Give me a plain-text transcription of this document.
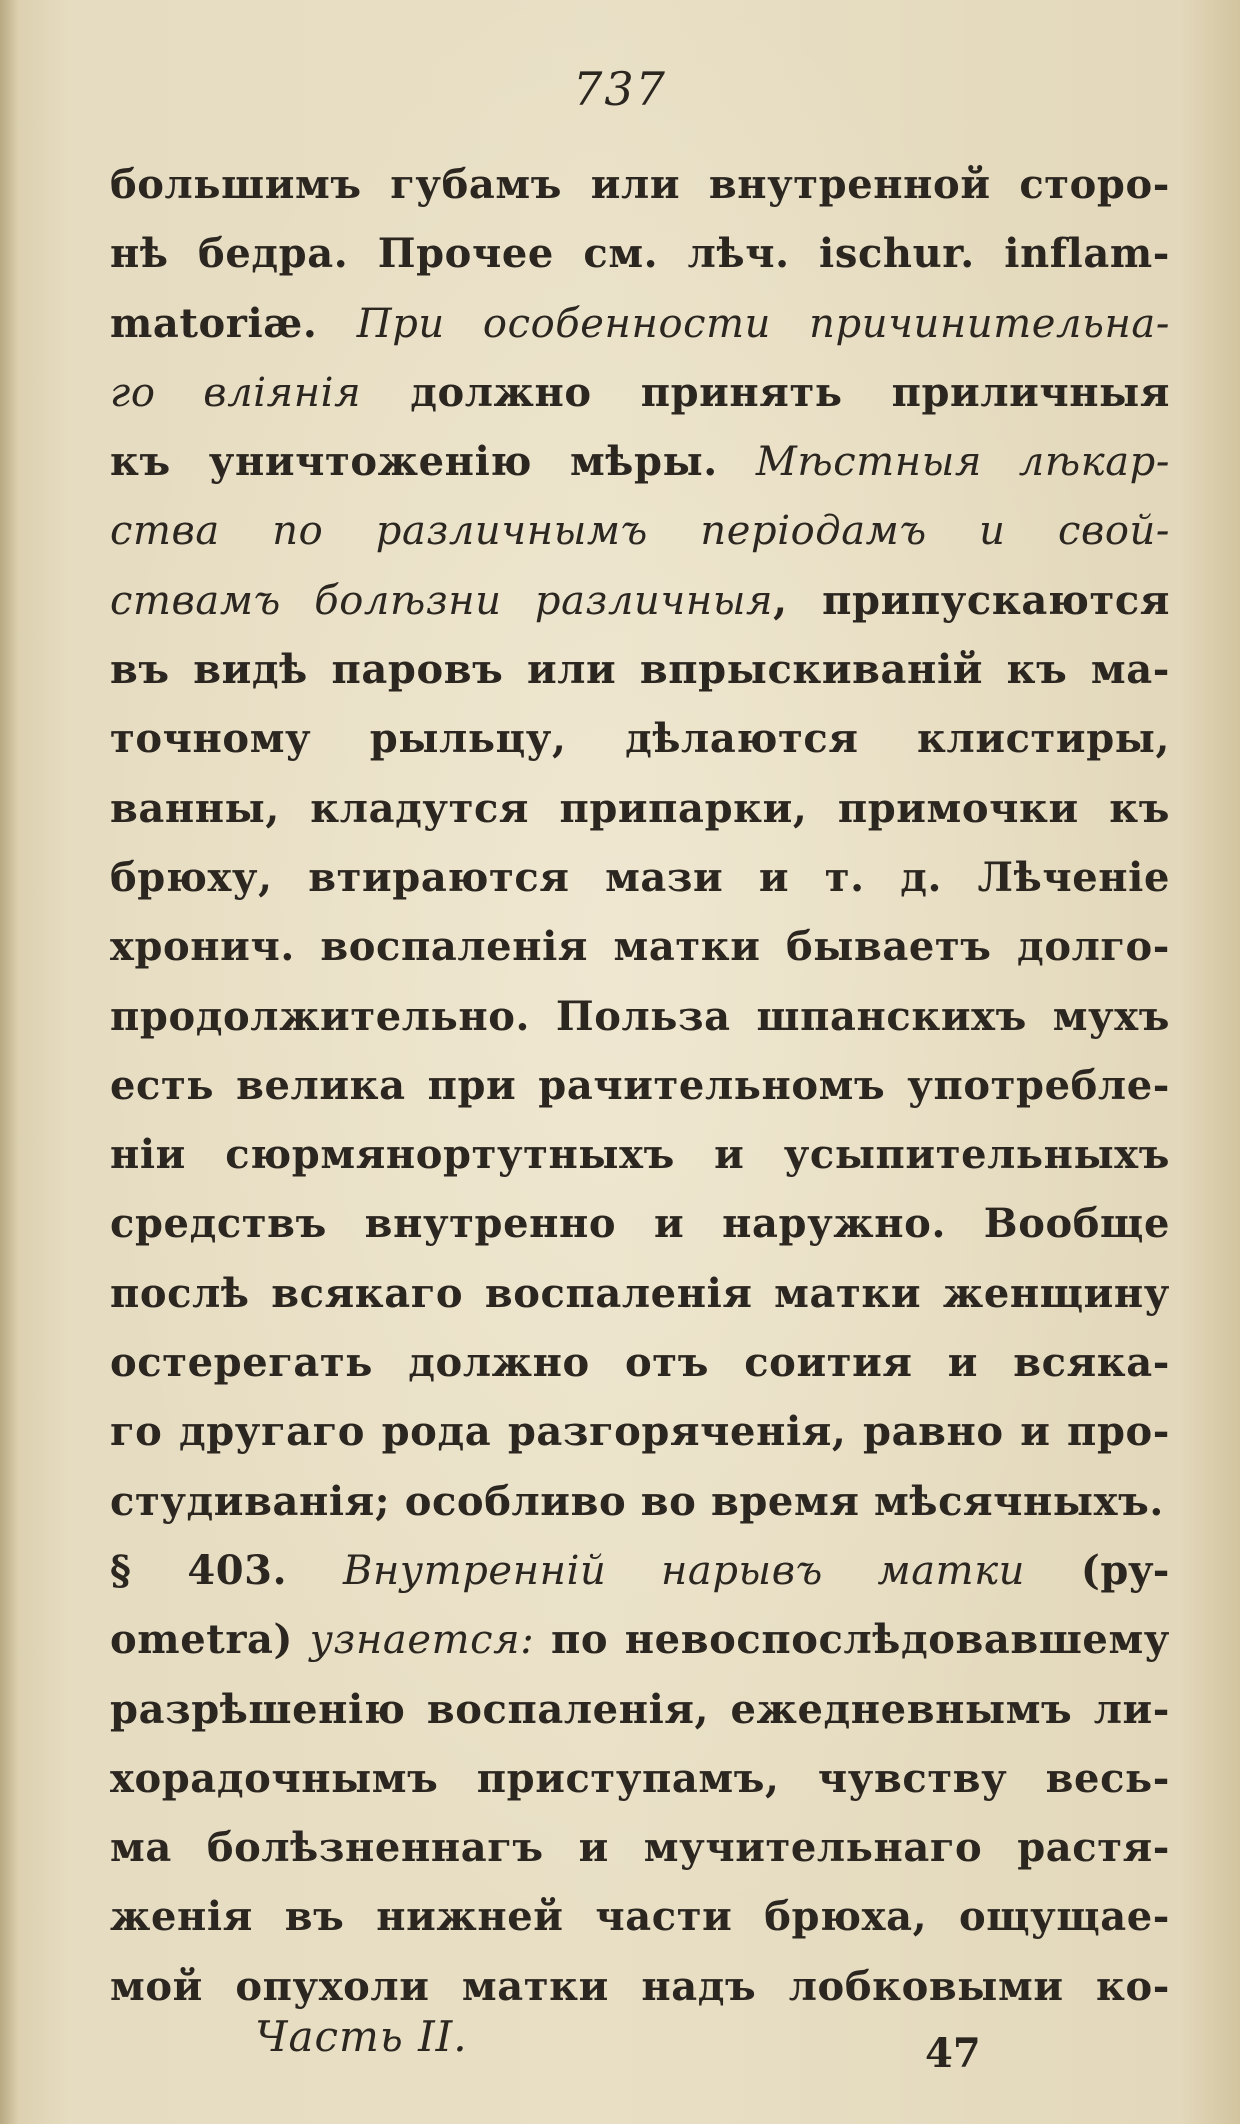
737
большимъ губамъ или внутренной сторо-
нѣ бедра. Прочее см. лѣч. ischur. inflam-
matoriæ. При особенности причинительна-
го вліянія должно принять приличныя
къ уничтоженію мѣры. Мѣстныя лѣкар-
ства по различнымъ періодамъ и свой-
ствамъ болѣзни различныя, припускаются
въ видѣ паровъ или впрыскиваній къ ма-
точному рыльцу, дѣлаются клистиры,
ванны, кладутся припарки, примочки къ
брюху, втираются мази и т. д. Лѣченіе
хронич. воспаленія матки бываетъ долго-
продолжительно. Польза шпанскихъ мухъ
есть велика при рачительномъ употребле-
ніи сюрмянортутныхъ и усыпительныхъ
средствъ внутренно и наружно. Вообще
послѣ всякаго воспаленія матки женщину
остерегать должно отъ соития и всяка-
го другаго рода разгоряченія, равно и про-
студиванія; особливо во время мѣсячныхъ.
§ 403. Внутренній нарывъ матки (py-
ometra) узнается: по невоспослѣдовавшему
разрѣшенію воспаленія, ежедневнымъ ли-
хорадочнымъ приступамъ, чувству весь-
ма болѣзненнагъ и мучительнаго растя-
женія въ нижней части брюха, ощущае-
мой опухоли матки надъ лобковыми ко-
Часть II.	47
